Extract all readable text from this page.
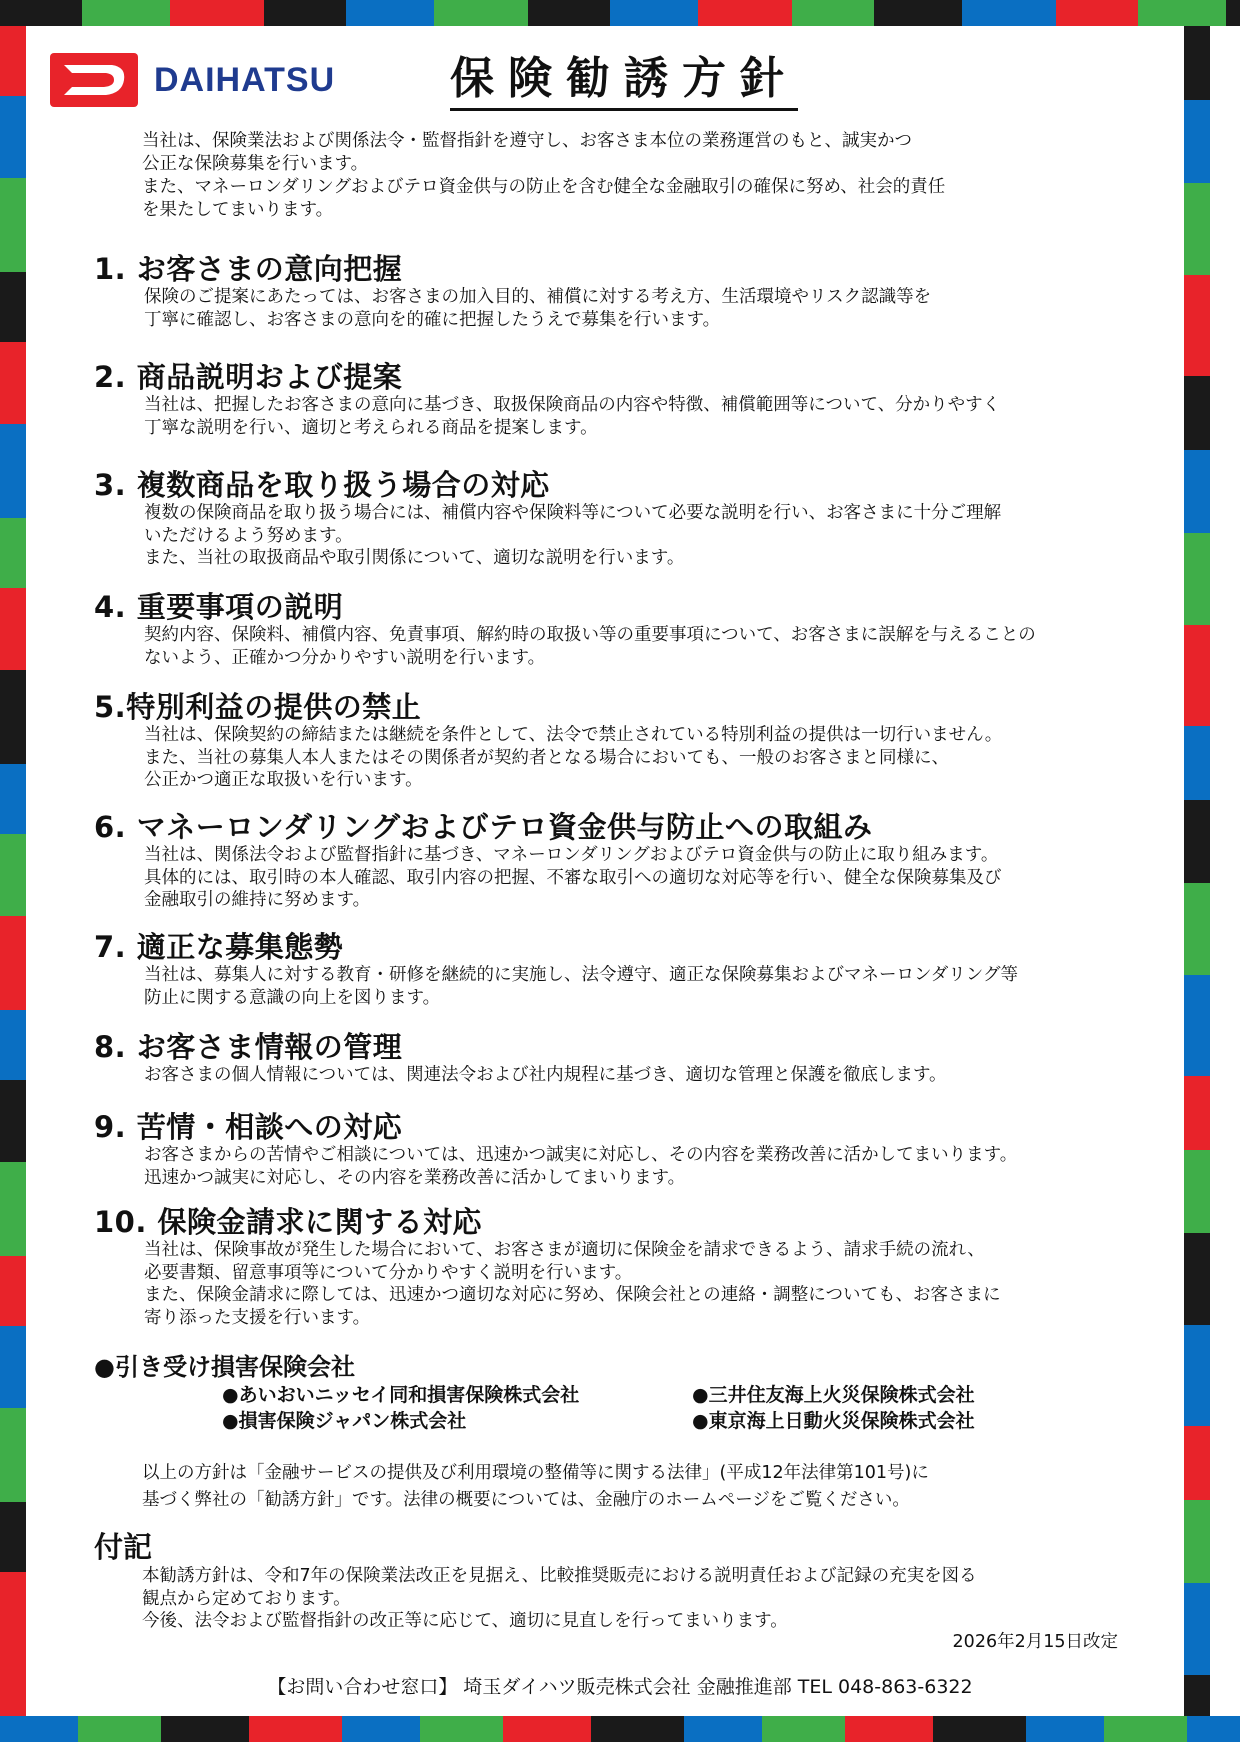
DAIHATSU	保険勧誘方針
当社は、保険業法および関係法令・監督指針を遵守し、お客さま本位の業務運営のもと、誠実かつ
公正な保険募集を行います。
また、マネーロンダリングおよびテロ資金供与の防止を含む健全な金融取引の確保に努め、社会的責任
を果たしてまいります。
1. お客さまの意向把握

保険のご提案にあたっては、お客さまの加入目的、補償に対する考え方、生活環境やリスク認識等を

丁寧に確認し、お客さまの意向を的確に把握したうえで募集を行います。

2. 商品説明および提案

当社は、把握したお客さまの意向に基づき、取扱保険商品の内容や特徴、補償範囲等について、分かりやすく

丁寧な説明を行い、適切と考えられる商品を提案します。

3. 複数商品を取り扱う場合の対応

複数の保険商品を取り扱う場合には、補償内容や保険料等について必要な説明を行い、お客さまに十分ご理解

いただけるよう努めます。

また、当社の取扱商品や取引関係について、適切な説明を行います。

4. 重要事項の説明

契約内容、保険料、補償内容、免責事項、解約時の取扱い等の重要事項について、お客さまに誤解を与えることの

ないよう、正確かつ分かりやすい説明を行います。

5.特別利益の提供の禁止

当社は、保険契約の締結または継続を条件として、法令で禁止されている特別利益の提供は一切行いません。

また、当社の募集人本人またはその関係者が契約者となる場合においても、一般のお客さまと同様に、

公正かつ適正な取扱いを行います。

6. マネーロンダリングおよびテロ資金供与防止への取組み

当社は、関係法令および監督指針に基づき、マネーロンダリングおよびテロ資金供与の防止に取り組みます。

具体的には、取引時の本人確認、取引内容の把握、不審な取引への適切な対応等を行い、健全な保険募集及び

金融取引の維持に努めます。

7. 適正な募集態勢

当社は、募集人に対する教育・研修を継続的に実施し、法令遵守、適正な保険募集およびマネーロンダリング等

防止に関する意識の向上を図ります。

8. お客さま情報の管理

お客さまの個人情報については、関連法令および社内規程に基づき、適切な管理と保護を徹底します。

9. 苦情・相談への対応

お客さまからの苦情やご相談については、迅速かつ誠実に対応し、その内容を業務改善に活かしてまいります。

迅速かつ誠実に対応し、その内容を業務改善に活かしてまいります。

10. 保険金請求に関する対応

当社は、保険事故が発生した場合において、お客さまが適切に保険金を請求できるよう、請求手続の流れ、

必要書類、留意事項等について分かりやすく説明を行います。

また、保険金請求に際しては、迅速かつ適切な対応に努め、保険会社との連絡・調整についても、お客さまに

寄り添った支援を行います。

●引き受け損害保険会社
●あいおいニッセイ同和損害保険株式会社	●三井住友海上火災保険株式会社
●損害保険ジャパン株式会社	●東京海上日動火災保険株式会社
以上の方針は「金融サービスの提供及び利用環境の整備等に関する法律」(平成12年法律第101号)に
基づく弊社の「勧誘方針」です。法律の概要については、金融庁のホームページをご覧ください。
付記

本勧誘方針は、令和7年の保険業法改正を見据え、比較推奨販売における説明責任および記録の充実を図る

観点から定めております。

今後、法令および監督指針の改正等に応じて、適切に見直しを行ってまいります。

2026年2月15日改定
【お問い合わせ窓口】 埼玉ダイハツ販売株式会社 金融推進部 TEL 048-863-6322
